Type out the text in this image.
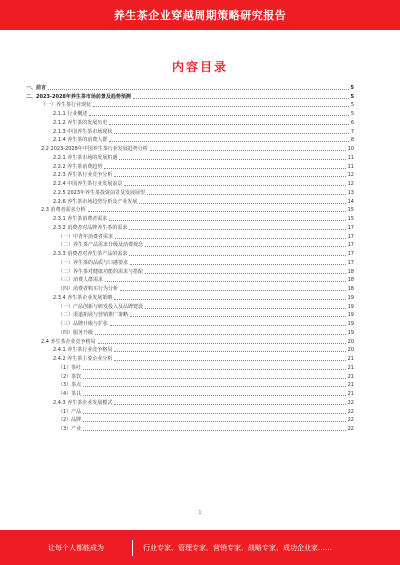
养生茶企业穿越周期策略研究报告
内容目录
一、前言	5
二、2023-2028年养生茶市场前景及趋势预测	5
（一）养生茶行业现状	5
2.1.1 行业概述	5
2.1.2 养生茶的发展历史	6
2.1.3 中国养生茶市场现状	7
2.1.4 养生茶的消费人群	8
2.2 2023-2028年中国养生茶行业发展趋势分析	10
2.2.1 养生茶市场的发展机遇	11
2.2.2 养生茶消费趋势	11
2.2.3 养生茶行业竞争分析	12
2.2.4 中国养生茶行业发展前景	12
2.2.5 2023年养生茶投资前景及发展展望	13
2.2.6 养生茶市场趋势分析及产业发展	14
2.3 消费者需求分析	15
2.3.1 养生茶消费者需求	15
2.3.2 消费者对品牌养生茶的需求	17
（一）中青年消费者需求	17
（二）养生茶产品需求升级及消费观念	17
2.3.3 消费者对养生茶产品的需求	17
（一）养生茶的品质与口感要求	17
（二）养生茶对健康功能的需求与搭配	18
（三）消费人群需求	18
（四）消费者购买行为分析	18
2.3.4 养生茶企业发展策略	19
（一）产品创新与研发投入及品牌建设	19
（二）渠道拓展与营销推广策略	19
（三）品牌升级与扩张	19
（四）服务升级	19
2.4 养生茶企业竞争格局	20
2.4.1 养生茶行业竞争格局	20
2.4.2 养生茶主要企业分析	21
（1）茶叶	21
（2）茶饮	21
（3）茶点	21
（4）茶具	21
2.4.3 养生茶企业发展模式	22
（1）产品	22
（2）品牌	22
（3）产业	22
1
让每个人都能成为	行业专家、管理专家、营销专家、战略专家、成功企业家……
